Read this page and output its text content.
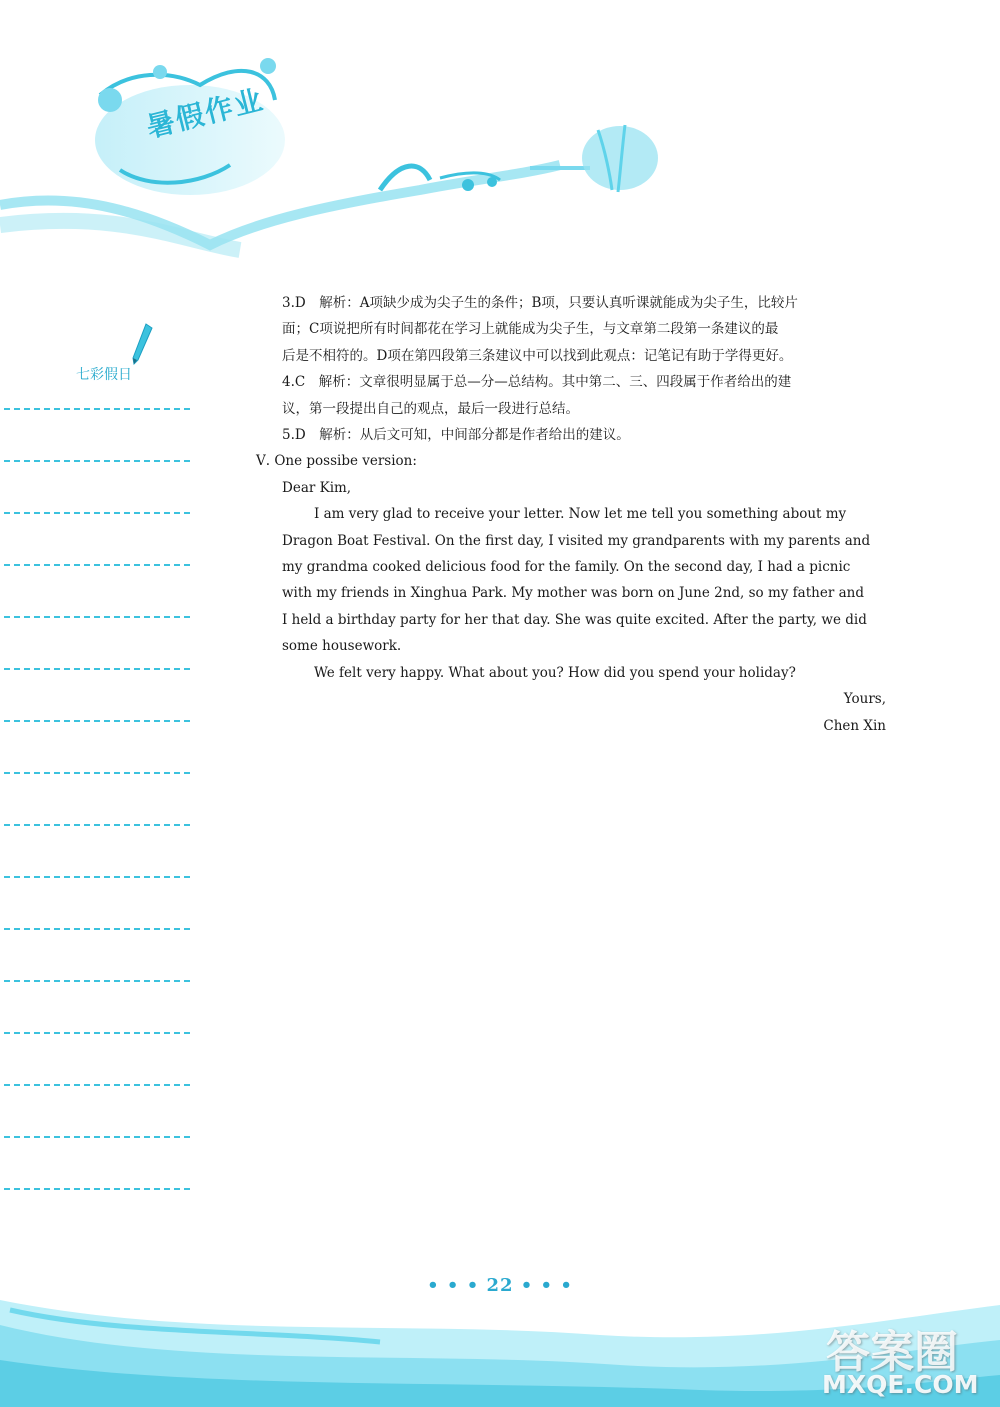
暑假作业
七彩假日
3.D　解析：A项缺少成为尖子生的条件；B项，只要认真听课就能成为尖子生，比较片
面；C项说把所有时间都花在学习上就能成为尖子生，与文章第二段第一条建议的最
后是不相符的。D项在第四段第三条建议中可以找到此观点：记笔记有助于学得更好。
4.C　解析：文章很明显属于总—分—总结构。其中第二、三、四段属于作者给出的建
议，第一段提出自己的观点，最后一段进行总结。
5.D　解析：从后文可知，中间部分都是作者给出的建议。
Ⅴ. One possibe version:
Dear Kim,
I am very glad to receive your letter. Now let me tell you something about my
Dragon Boat Festival. On the first day, I visited my grandparents with my parents and
my grandma cooked delicious food for the family. On the second day, I had a picnic
with my friends in Xinghua Park. My mother was born on June 2nd, so my father and
I held a birthday party for her that day. She was quite excited. After the party, we did
some housework.
We felt very happy. What about you? How did you spend your holiday?
Yours,
Chen Xin
• • • 22 • • •
答案圈
MXQE.COM
